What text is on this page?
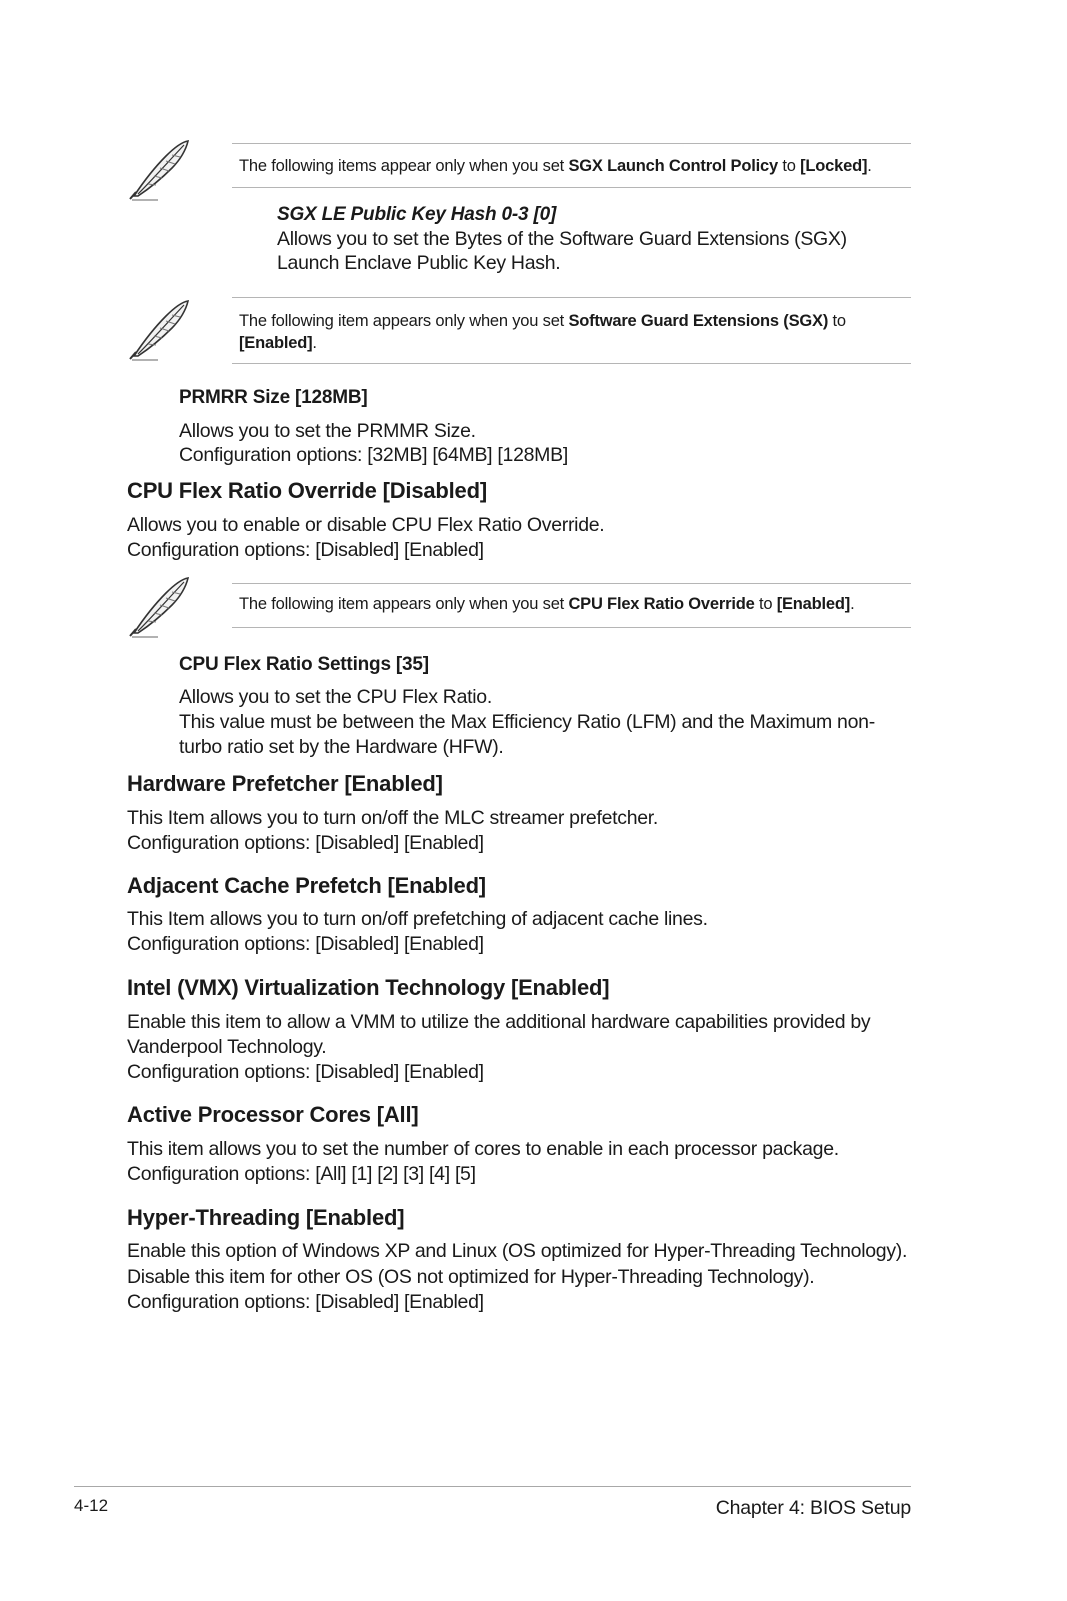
The following items appear only when you set SGX Launch Control Policy to [Locked].
SGX LE Public Key Hash 0-3 [0]
Allows you to set the Bytes of the Software Guard Extensions (SGX)
Launch Enclave Public Key Hash.
The following item appears only when you set Software Guard Extensions (SGX) to [Enabled].
PRMRR Size [128MB]
Allows you to set the PRMMR Size.
Configuration options: [32MB] [64MB] [128MB]
CPU Flex Ratio Override [Disabled]
Allows you to enable or disable CPU Flex Ratio Override.
Configuration options: [Disabled] [Enabled]
The following item appears only when you set CPU Flex Ratio Override to [Enabled].
CPU Flex Ratio Settings [35]
Allows you to set the CPU Flex Ratio.
This value must be between the Max Efficiency Ratio (LFM) and the Maximum non-
turbo ratio set by the Hardware (HFW).
Hardware Prefetcher [Enabled]
This Item allows you to turn on/off the MLC streamer prefetcher.
Configuration options: [Disabled] [Enabled]
Adjacent Cache Prefetch [Enabled]
This Item allows you to turn on/off prefetching of adjacent cache lines.
Configuration options: [Disabled] [Enabled]
Intel (VMX) Virtualization Technology [Enabled]
Enable this item to allow a VMM to utilize the additional hardware capabilities provided by
Vanderpool Technology.
Configuration options: [Disabled] [Enabled]
Active Processor Cores [All]
This item allows you to set the number of cores to enable in each processor package.
Configuration options: [All] [1] [2] [3] [4] [5]
Hyper-Threading [Enabled]
Enable this option of Windows XP and Linux (OS optimized for Hyper-Threading Technology).
Disable this item for other OS (OS not optimized for Hyper-Threading Technology).
Configuration options: [Disabled] [Enabled]
4-12	Chapter 4: BIOS Setup
